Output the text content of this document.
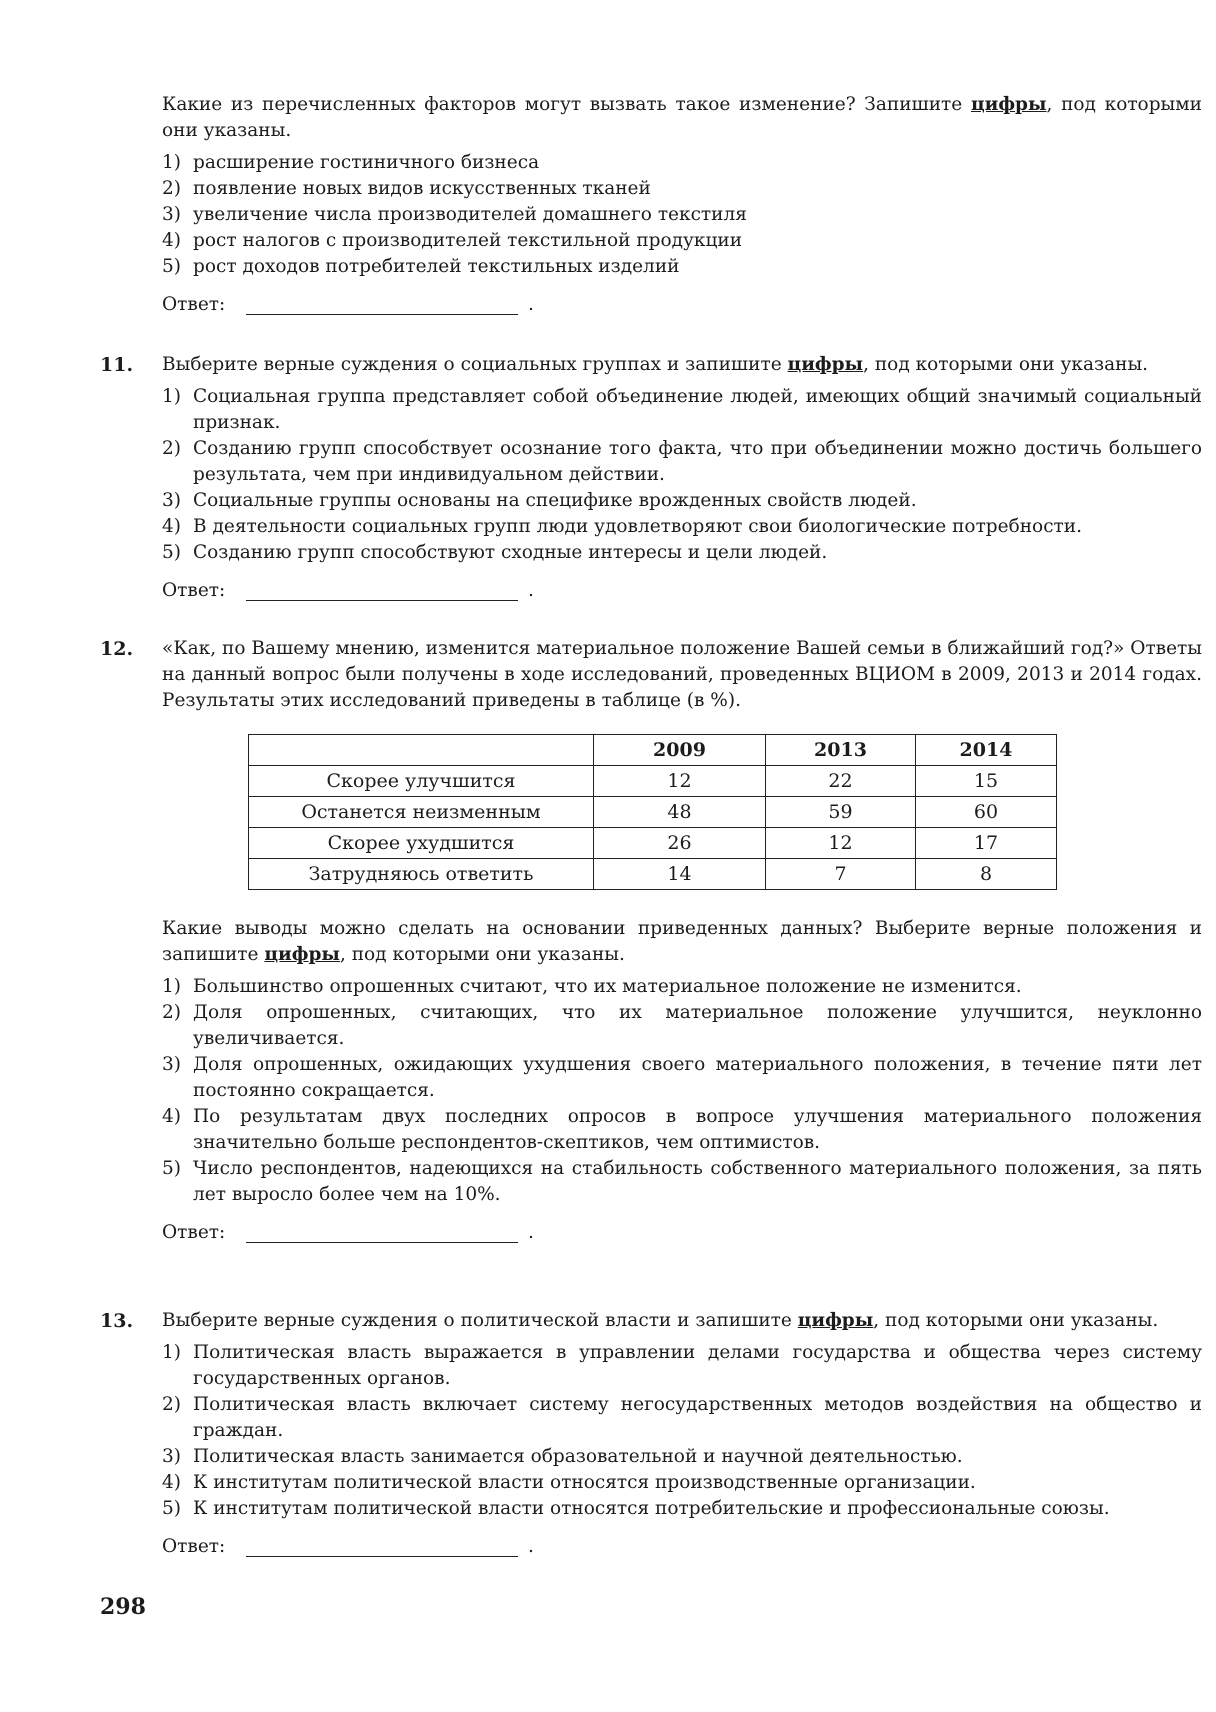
Какие из перечисленных факторов могут вызвать такое изменение? Запишите цифры, под которыми они указаны.

1) расширение гостиничного бизнеса
2) появление новых видов искусственных тканей
3) увеличение числа производителей домашнего текстиля
4) рост налогов с производителей текстильной продукции
5) рост доходов потребителей текстильных изделий
Ответ:	.
11. Выберите верные суждения о социальных группах и запишите цифры, под которыми они указаны.

1) Социальная группа представляет собой объединение людей, имеющих общий значимый социальный признак.
2) Созданию групп способствует осознание того факта, что при объединении можно достичь большего результата, чем при индивидуальном действии.
3) Социальные группы основаны на специфике врожденных свойств людей.
4) В деятельности социальных групп люди удовлетворяют свои биологические потребности.
5) Созданию групп способствуют сходные интересы и цели людей.
Ответ:	.
12. «Как, по Вашему мнению, изменится материальное положение Вашей семьи в ближайший год?» Ответы на данный вопрос были получены в ходе исследований, проведенных ВЦИОМ в 2009, 2013 и 2014 годах. Результаты этих исследований приведены в таблице (в %).

	2009	2013	2014
Скорее улучшится	12	22	15
Останется неизменным	48	59	60
Скорее ухудшится	26	12	17
Затрудняюсь ответить	14	7	8

Какие выводы можно сделать на основании приведенных данных? Выберите верные положения и запишите цифры, под которыми они указаны.

1) Большинство опрошенных считают, что их материальное положение не изменится.
2) Доля опрошенных, считающих, что их материальное положение улучшится, неуклонно увеличивается.
3) Доля опрошенных, ожидающих ухудшения своего материального положения, в течение пяти лет постоянно сокращается.
4) По результатам двух последних опросов в вопросе улучшения материального положения значительно больше респондентов-скептиков, чем оптимистов.
5) Число респондентов, надеющихся на стабильность собственного материального положения, за пять лет выросло более чем на 10%.
Ответ:	.
13. Выберите верные суждения о политической власти и запишите цифры, под которыми они указаны.

1) Политическая власть выражается в управлении делами государства и общества через систему государственных органов.
2) Политическая власть включает систему негосударственных методов воздействия на общество и граждан.
3) Политическая власть занимается образовательной и научной деятельностью.
4) К институтам политической власти относятся производственные организации.
5) К институтам политической власти относятся потребительские и профессиональные союзы.
Ответ:	.
298
